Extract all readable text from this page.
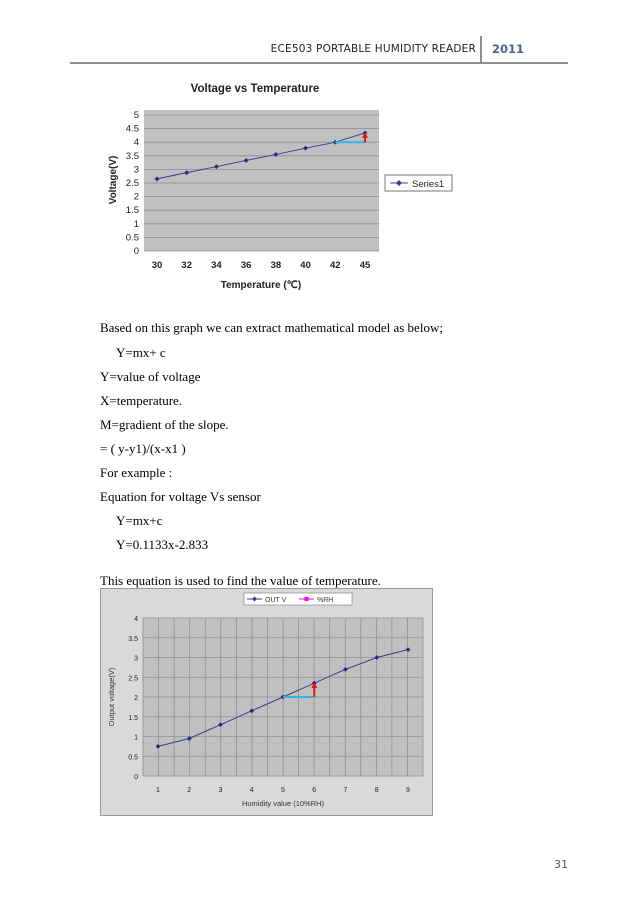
ECE503 PORTABLE HUMIDITY READER 2011
Voltage vs Temperature
0
0.5
1
1.5
2
2.5
3
3.5
4
4.5
5
30 32 34 36 38 40 42 45
Voltage(V)
Temperature (℃)
Series1
Based on this graph we can extract mathematical model as below;
Y=mx+ c
Y=value of voltage
X=temperature.
M=gradient of the slope.
= ( y-y1)/(x-x1 )
For example :
Equation for voltage Vs sensor
Y=mx+c
Y=0.1133x-2.833
This equation is used to find the value of temperature.
OUT V	%RH
0
0.5
1
1.5
2
2.5
3
3.5
4
1	2	3	4	5	6	7	8	9
Output voltage(V)
Humidity value (10%RH)
31
